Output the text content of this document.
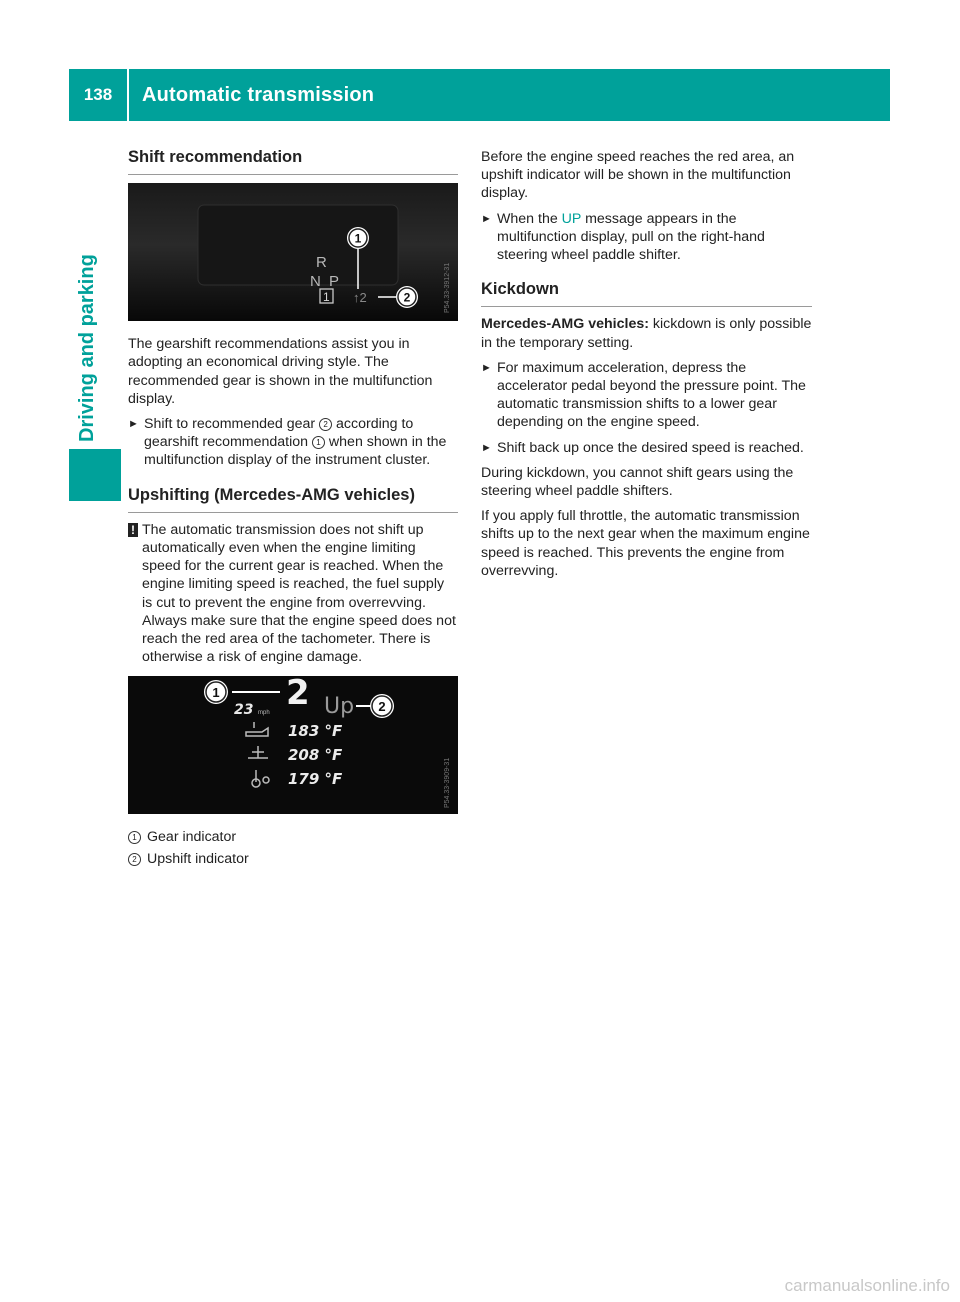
138	Automatic transmission
Driving and parking
Shift recommendation
R
N P
1 ↑2
1
2	P54.33-3912-31

The gearshift recommendations assist you in adopting an economical driving style. The recommended gear is shown in the multifunction display.

► Shift to recommended gear 2 according to gearshift recommendation 1 when shown in the multifunction display of the instrument cluster.
Upshifting (Mercedes-AMG vehicles)
! The automatic transmission does not shift up automatically even when the engine limiting speed for the current gear is reached. When the engine limiting speed is reached, the fuel supply is cut to prevent the engine from overrevving. Always make sure that the engine speed does not reach the red area of the tachometer. There is otherwise a risk of engine damage.
1 2
23 mph Up 2
183 °F
208 °F
179 °F	P54.33-3909-31
1 Gear indicator
2 Upshift indicator

Before the engine speed reaches the red area, an upshift indicator will be shown in the multifunction display.

► When the UP message appears in the multifunction display, pull on the right-hand steering wheel paddle shifter.
Kickdown

Mercedes-AMG vehicles: kickdown is only possible in the temporary setting.

► For maximum acceleration, depress the accelerator pedal beyond the pressure point. The automatic transmission shifts to a lower gear depending on the engine speed.
► Shift back up once the desired speed is reached.

During kickdown, you cannot shift gears using the steering wheel paddle shifters.

If you apply full throttle, the automatic transmission shifts up to the next gear when the maximum engine speed is reached. This prevents the engine from overrevving.

carmanualsonline.info
